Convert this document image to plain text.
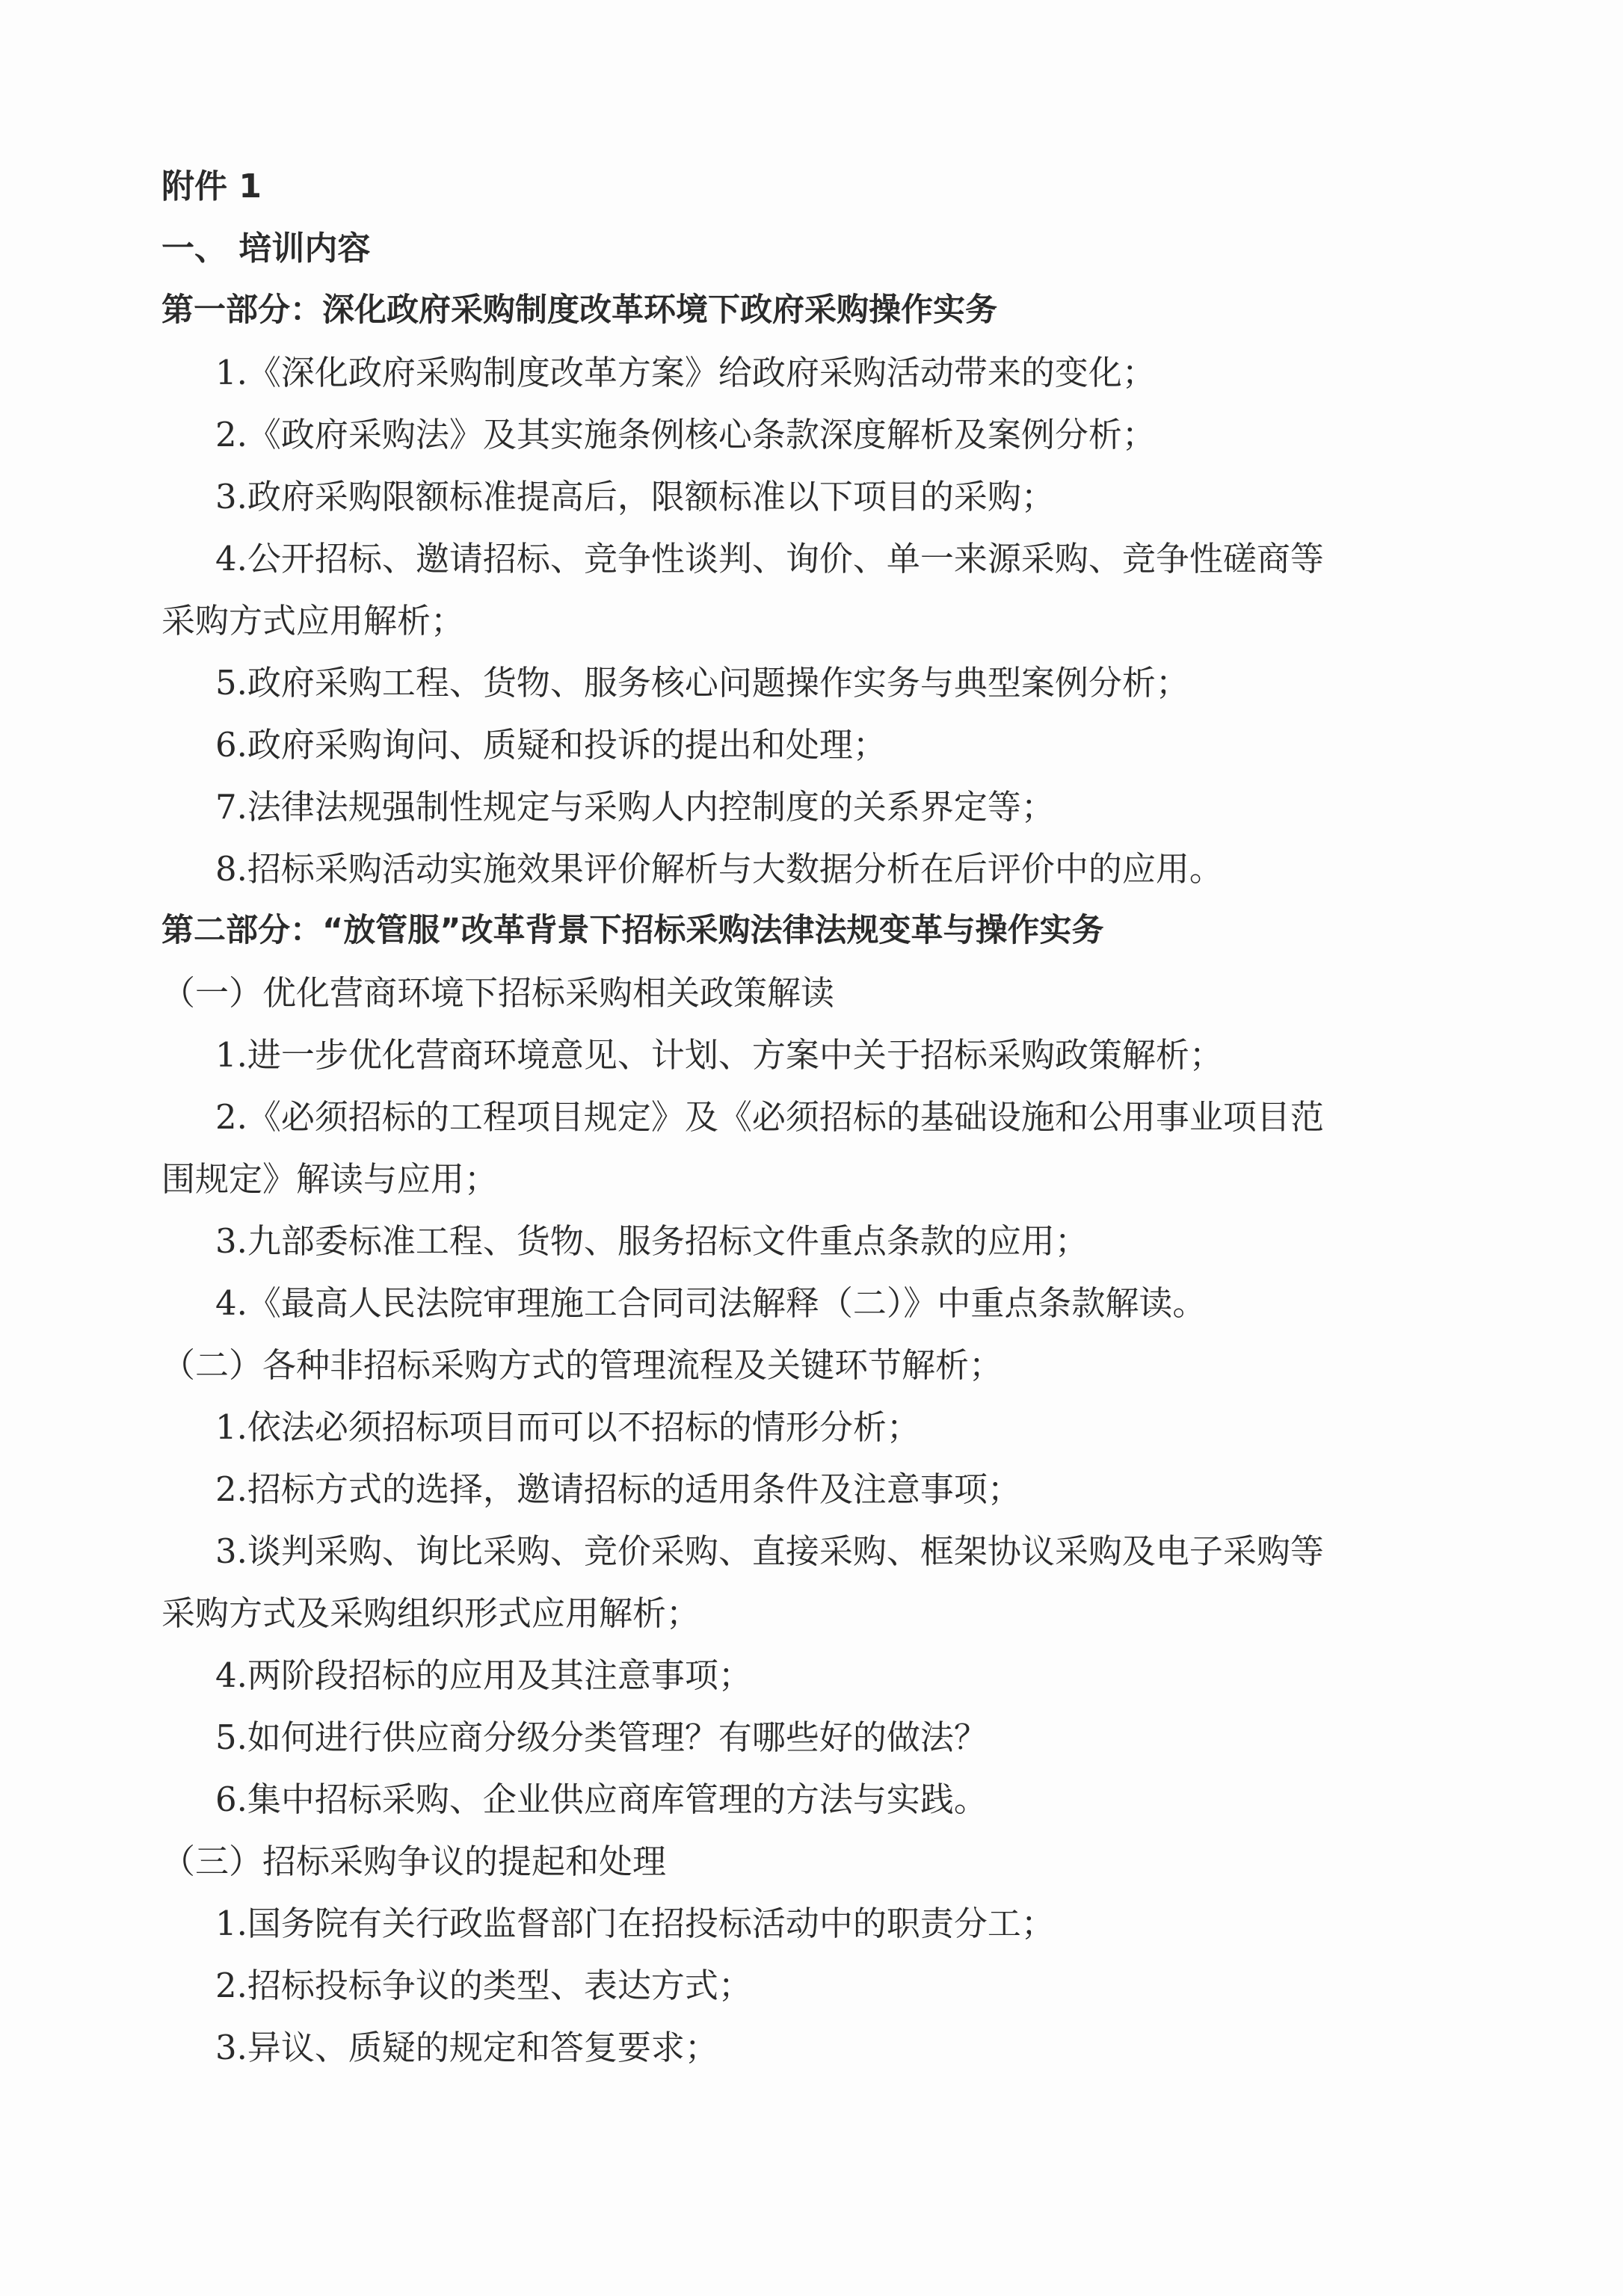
附件 1
一、 培训内容
第一部分：深化政府采购制度改革环境下政府采购操作实务
1.《深化政府采购制度改革方案》给政府采购活动带来的变化；
2.《政府采购法》及其实施条例核心条款深度解析及案例分析；
3.政府采购限额标准提高后，限额标准以下项目的采购；
4.公开招标、邀请招标、竞争性谈判、询价、单一来源采购、竞争性磋商等
采购方式应用解析；
5.政府采购工程、货物、服务核心问题操作实务与典型案例分析；
6.政府采购询问、质疑和投诉的提出和处理；
7.法律法规强制性规定与采购人内控制度的关系界定等；
8.招标采购活动实施效果评价解析与大数据分析在后评价中的应用。
第二部分：“放管服”改革背景下招标采购法律法规变革与操作实务
（一）优化营商环境下招标采购相关政策解读
1.进一步优化营商环境意见、计划、方案中关于招标采购政策解析；
2.《必须招标的工程项目规定》及《必须招标的基础设施和公用事业项目范
围规定》解读与应用；
3.九部委标准工程、货物、服务招标文件重点条款的应用；
4.《最高人民法院审理施工合同司法解释（二）》中重点条款解读。
（二）各种非招标采购方式的管理流程及关键环节解析；
1.依法必须招标项目而可以不招标的情形分析；
2.招标方式的选择，邀请招标的适用条件及注意事项；
3.谈判采购、询比采购、竞价采购、直接采购、框架协议采购及电子采购等
采购方式及采购组织形式应用解析；
4.两阶段招标的应用及其注意事项；
5.如何进行供应商分级分类管理？有哪些好的做法？
6.集中招标采购、企业供应商库管理的方法与实践。
（三）招标采购争议的提起和处理
1.国务院有关行政监督部门在招投标活动中的职责分工；
2.招标投标争议的类型、表达方式；
3.异议、质疑的规定和答复要求；
